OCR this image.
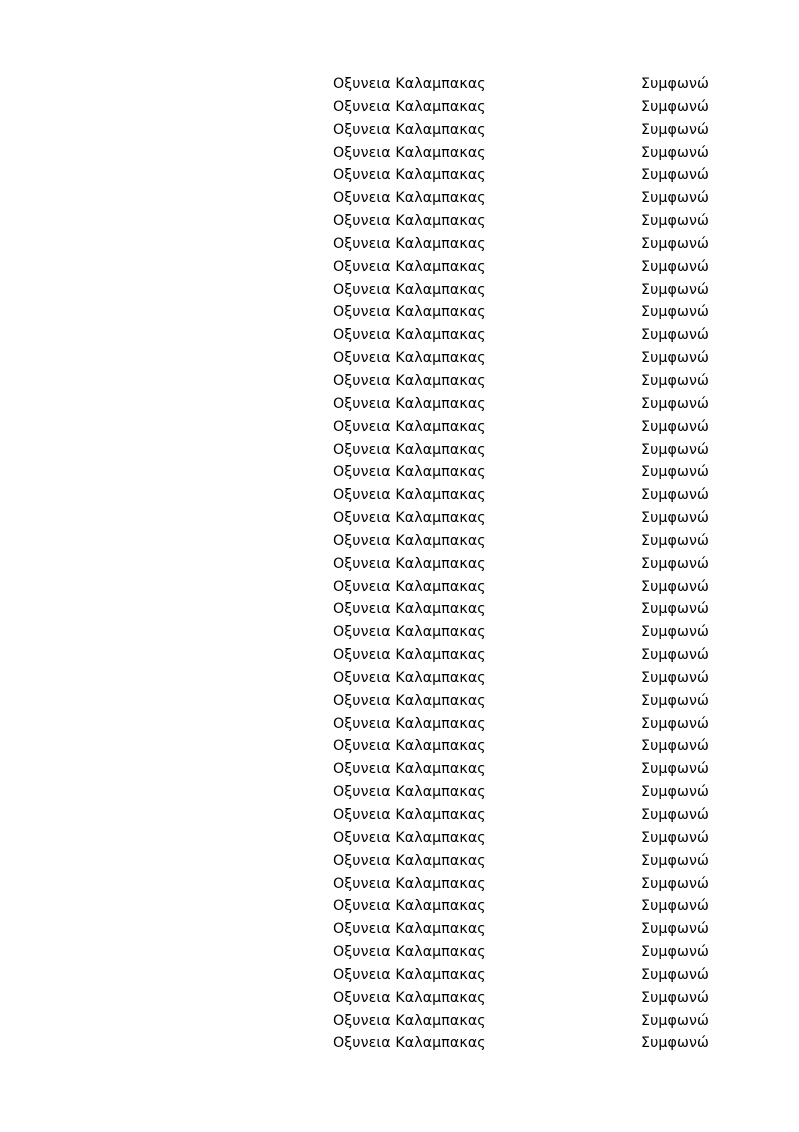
Οξυνεια Καλαμπακας	Συμφωνώ
Οξυνεια Καλαμπακας	Συμφωνώ
Οξυνεια Καλαμπακας	Συμφωνώ
Οξυνεια Καλαμπακας	Συμφωνώ
Οξυνεια Καλαμπακας	Συμφωνώ
Οξυνεια Καλαμπακας	Συμφωνώ
Οξυνεια Καλαμπακας	Συμφωνώ
Οξυνεια Καλαμπακας	Συμφωνώ
Οξυνεια Καλαμπακας	Συμφωνώ
Οξυνεια Καλαμπακας	Συμφωνώ
Οξυνεια Καλαμπακας	Συμφωνώ
Οξυνεια Καλαμπακας	Συμφωνώ
Οξυνεια Καλαμπακας	Συμφωνώ
Οξυνεια Καλαμπακας	Συμφωνώ
Οξυνεια Καλαμπακας	Συμφωνώ
Οξυνεια Καλαμπακας	Συμφωνώ
Οξυνεια Καλαμπακας	Συμφωνώ
Οξυνεια Καλαμπακας	Συμφωνώ
Οξυνεια Καλαμπακας	Συμφωνώ
Οξυνεια Καλαμπακας	Συμφωνώ
Οξυνεια Καλαμπακας	Συμφωνώ
Οξυνεια Καλαμπακας	Συμφωνώ
Οξυνεια Καλαμπακας	Συμφωνώ
Οξυνεια Καλαμπακας	Συμφωνώ
Οξυνεια Καλαμπακας	Συμφωνώ
Οξυνεια Καλαμπακας	Συμφωνώ
Οξυνεια Καλαμπακας	Συμφωνώ
Οξυνεια Καλαμπακας	Συμφωνώ
Οξυνεια Καλαμπακας	Συμφωνώ
Οξυνεια Καλαμπακας	Συμφωνώ
Οξυνεια Καλαμπακας	Συμφωνώ
Οξυνεια Καλαμπακας	Συμφωνώ
Οξυνεια Καλαμπακας	Συμφωνώ
Οξυνεια Καλαμπακας	Συμφωνώ
Οξυνεια Καλαμπακας	Συμφωνώ
Οξυνεια Καλαμπακας	Συμφωνώ
Οξυνεια Καλαμπακας	Συμφωνώ
Οξυνεια Καλαμπακας	Συμφωνώ
Οξυνεια Καλαμπακας	Συμφωνώ
Οξυνεια Καλαμπακας	Συμφωνώ
Οξυνεια Καλαμπακας	Συμφωνώ
Οξυνεια Καλαμπακας	Συμφωνώ
Οξυνεια Καλαμπακας	Συμφωνώ
